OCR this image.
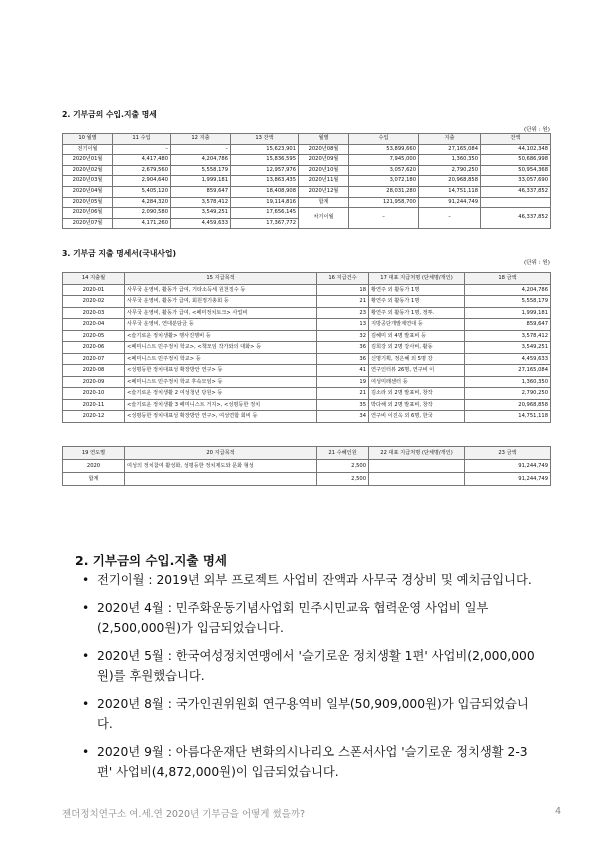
2. 기부금의 수입.지출 명세
(단위 : 원)
10 월별	11 수입	12 지출	13 잔액	월별	수입	지출	잔액
전기이월	–	–	15,623,901	2020년08월	53,899,660	27,165,084	44,102,348
2020년01월	4,417,480	4,204,786	15,836,595	2020년09월	7,945,000	1,360,350	50,686,998
2020년02월	2,679,560	5,558,179	12,957,976	2020년10월	3,057,620	2,790,250	50,954,368
2020년03월	2,904,640	1,999,181	13,863,435	2020년11월	3,072,180	20,968,858	33,057,690
2020년04월	5,405,120	859,647	18,408,908	2020년12월	28,031,280	14,751,118	46,337,852
2020년05월	4,284,320	3,578,412	19,114,816	합계	121,958,700	91,244,749	
2020년06월	2,090,580	3,549,251	17,656,145	차기이월	–	–	46,337,852
2020년07월	4,171,260	4,459,633	17,367,772				
3. 기부금 지출 명세서(국내사업)
(단위 : 원)
14 지출월	15 지급목적	16 지급건수	17 대표 지급처명 (단체명/개인)	18 금액
2020-01	사무국 운영비, 활동가 급여, 기타소득세 원천징수 등	18	황연주 외 활동가 1명	4,204,786
2020-02	사무국 운영비, 활동가 급여, 회원정기총회 등	21	황연주 외 활동가 1명	5,558,179
2020-03	사무국 운영비, 활동가 급여, <페미정치토크> 사업비	23	황연주 외 활동가 1명, 정투.	1,999,181
2020-04	사무국 운영비, 연대분담금 등	13	지방공단개발제연대 등	859,647
2020-05	<슬기로운 정치생활> 행사진행비 등	32	김혜미 외 4명 발표비 등	3,578,412
2020-06	<페미니스트 민주정치 학교>, <책모임 작가와의 대화> 등	36	김희강 외 2명 강사비, 활동	3,549,251
2020-07	<페미니스트 민주정치 학교> 등	36	신명기획, 정은혜 외 5명 강	4,459,633
2020-08	<성평등한 정치대표성 확장방안 연구> 등	41	연구인터뷰 26명, 연구비 이	27,165,084
2020-09	<페미니스트 민주정치 학교 후속모임> 등	19	여성미래센터 등	1,360,350
2020-10	<슬기로운 정치생활 2 여성청년 당원> 등	21	김소라 외 2명 발표비, 창작	2,790,250
2020-11	<슬기로운 정치생활 3 페미니스트 거지>, <성평등한 정치	35	박다해 외 2명 발표비, 창작	20,968,858
2020-12	<성평등한 정치대표성 확장방안 연구>, 여성연합 회비 등	34	연구비 이진옥 외 6명, 한국	14,751,118
19 연도별	20 지급목적	21 수혜인원	22 대표 지급처명 (단체명/개인)	23 금액
2020	여성의 정치참여 활성화, 성평등한 정치제도와 문화 형성	2,500		91,244,749
합계		2,500		91,244,749
2. 기부금의 수입.지출 명세
• 전기이월 : 2019년 외부 프로젝트 사업비 잔액과 사무국 경상비 및 예치금입니다.
• 2020년 4월 : 민주화운동기념사업회 민주시민교육 협력운영 사업비 일부 (2,500,000원)가 입금되었습니다.
• 2020년 5월 : 한국여성정치연맹에서 '슬기로운 정치생활 1편' 사업비(2,000,000원)를 후원했습니다.
• 2020년 8월 : 국가인권위원회 연구용역비 일부(50,909,000원)가 입금되었습니다.
• 2020년 9월 : 아름다운재단 변화의시나리오 스폰서사업 '슬기로운 정치생활 2-3편' 사업비(4,872,000원)이 입금되었습니다.
젠더정치연구소 여.세.연 2020년 기부금을 어떻게 썼을까?	4
